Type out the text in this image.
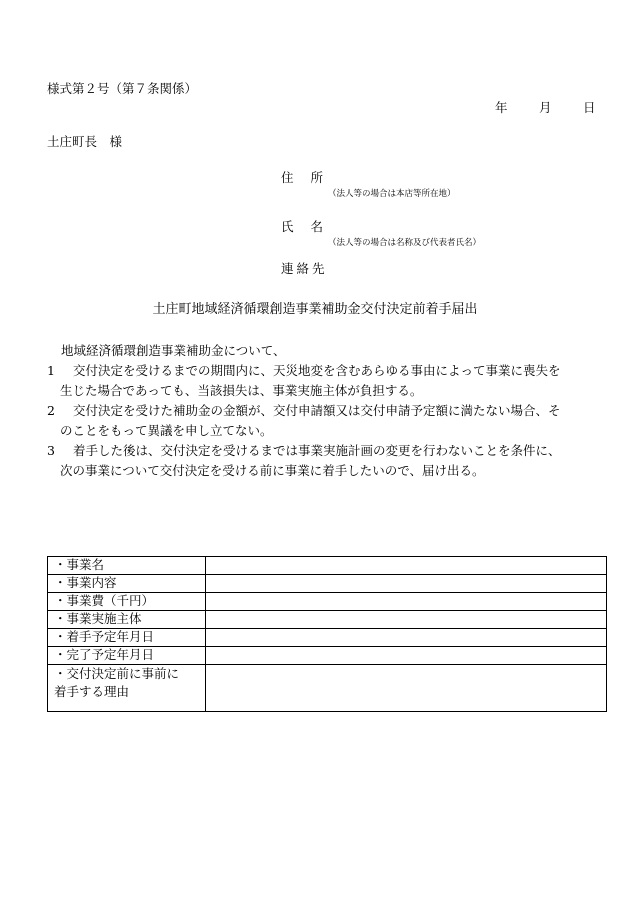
様式第２号（第７条関係）
年	月	日
土庄町長　様
住 所
（法人等の場合は本店等所在地）
氏 名
（法人等の場合は名称及び代表者氏名）
連絡先
土庄町地域経済循環創造事業補助金交付決定前着手届出
地域経済循環創造事業補助金について、
1 交付決定を受けるまでの期間内に、天災地変を含むあらゆる事由によって事業に喪失を
生じた場合であっても、当該損失は、事業実施主体が負担する。
2 交付決定を受けた補助金の金額が、交付申請額又は交付申請予定額に満たない場合、そ
のことをもって異議を申し立てない。
3 着手した後は、交付決定を受けるまでは事業実施計画の変更を行わないことを条件に、
次の事業について交付決定を受ける前に事業に着手したいので、届け出る。
・事業名	
・事業内容	
・事業費（千円）	
・事業実施主体	
・着手予定年月日	
・完了予定年月日	

・交付決定前に事前に
着手する理由	
